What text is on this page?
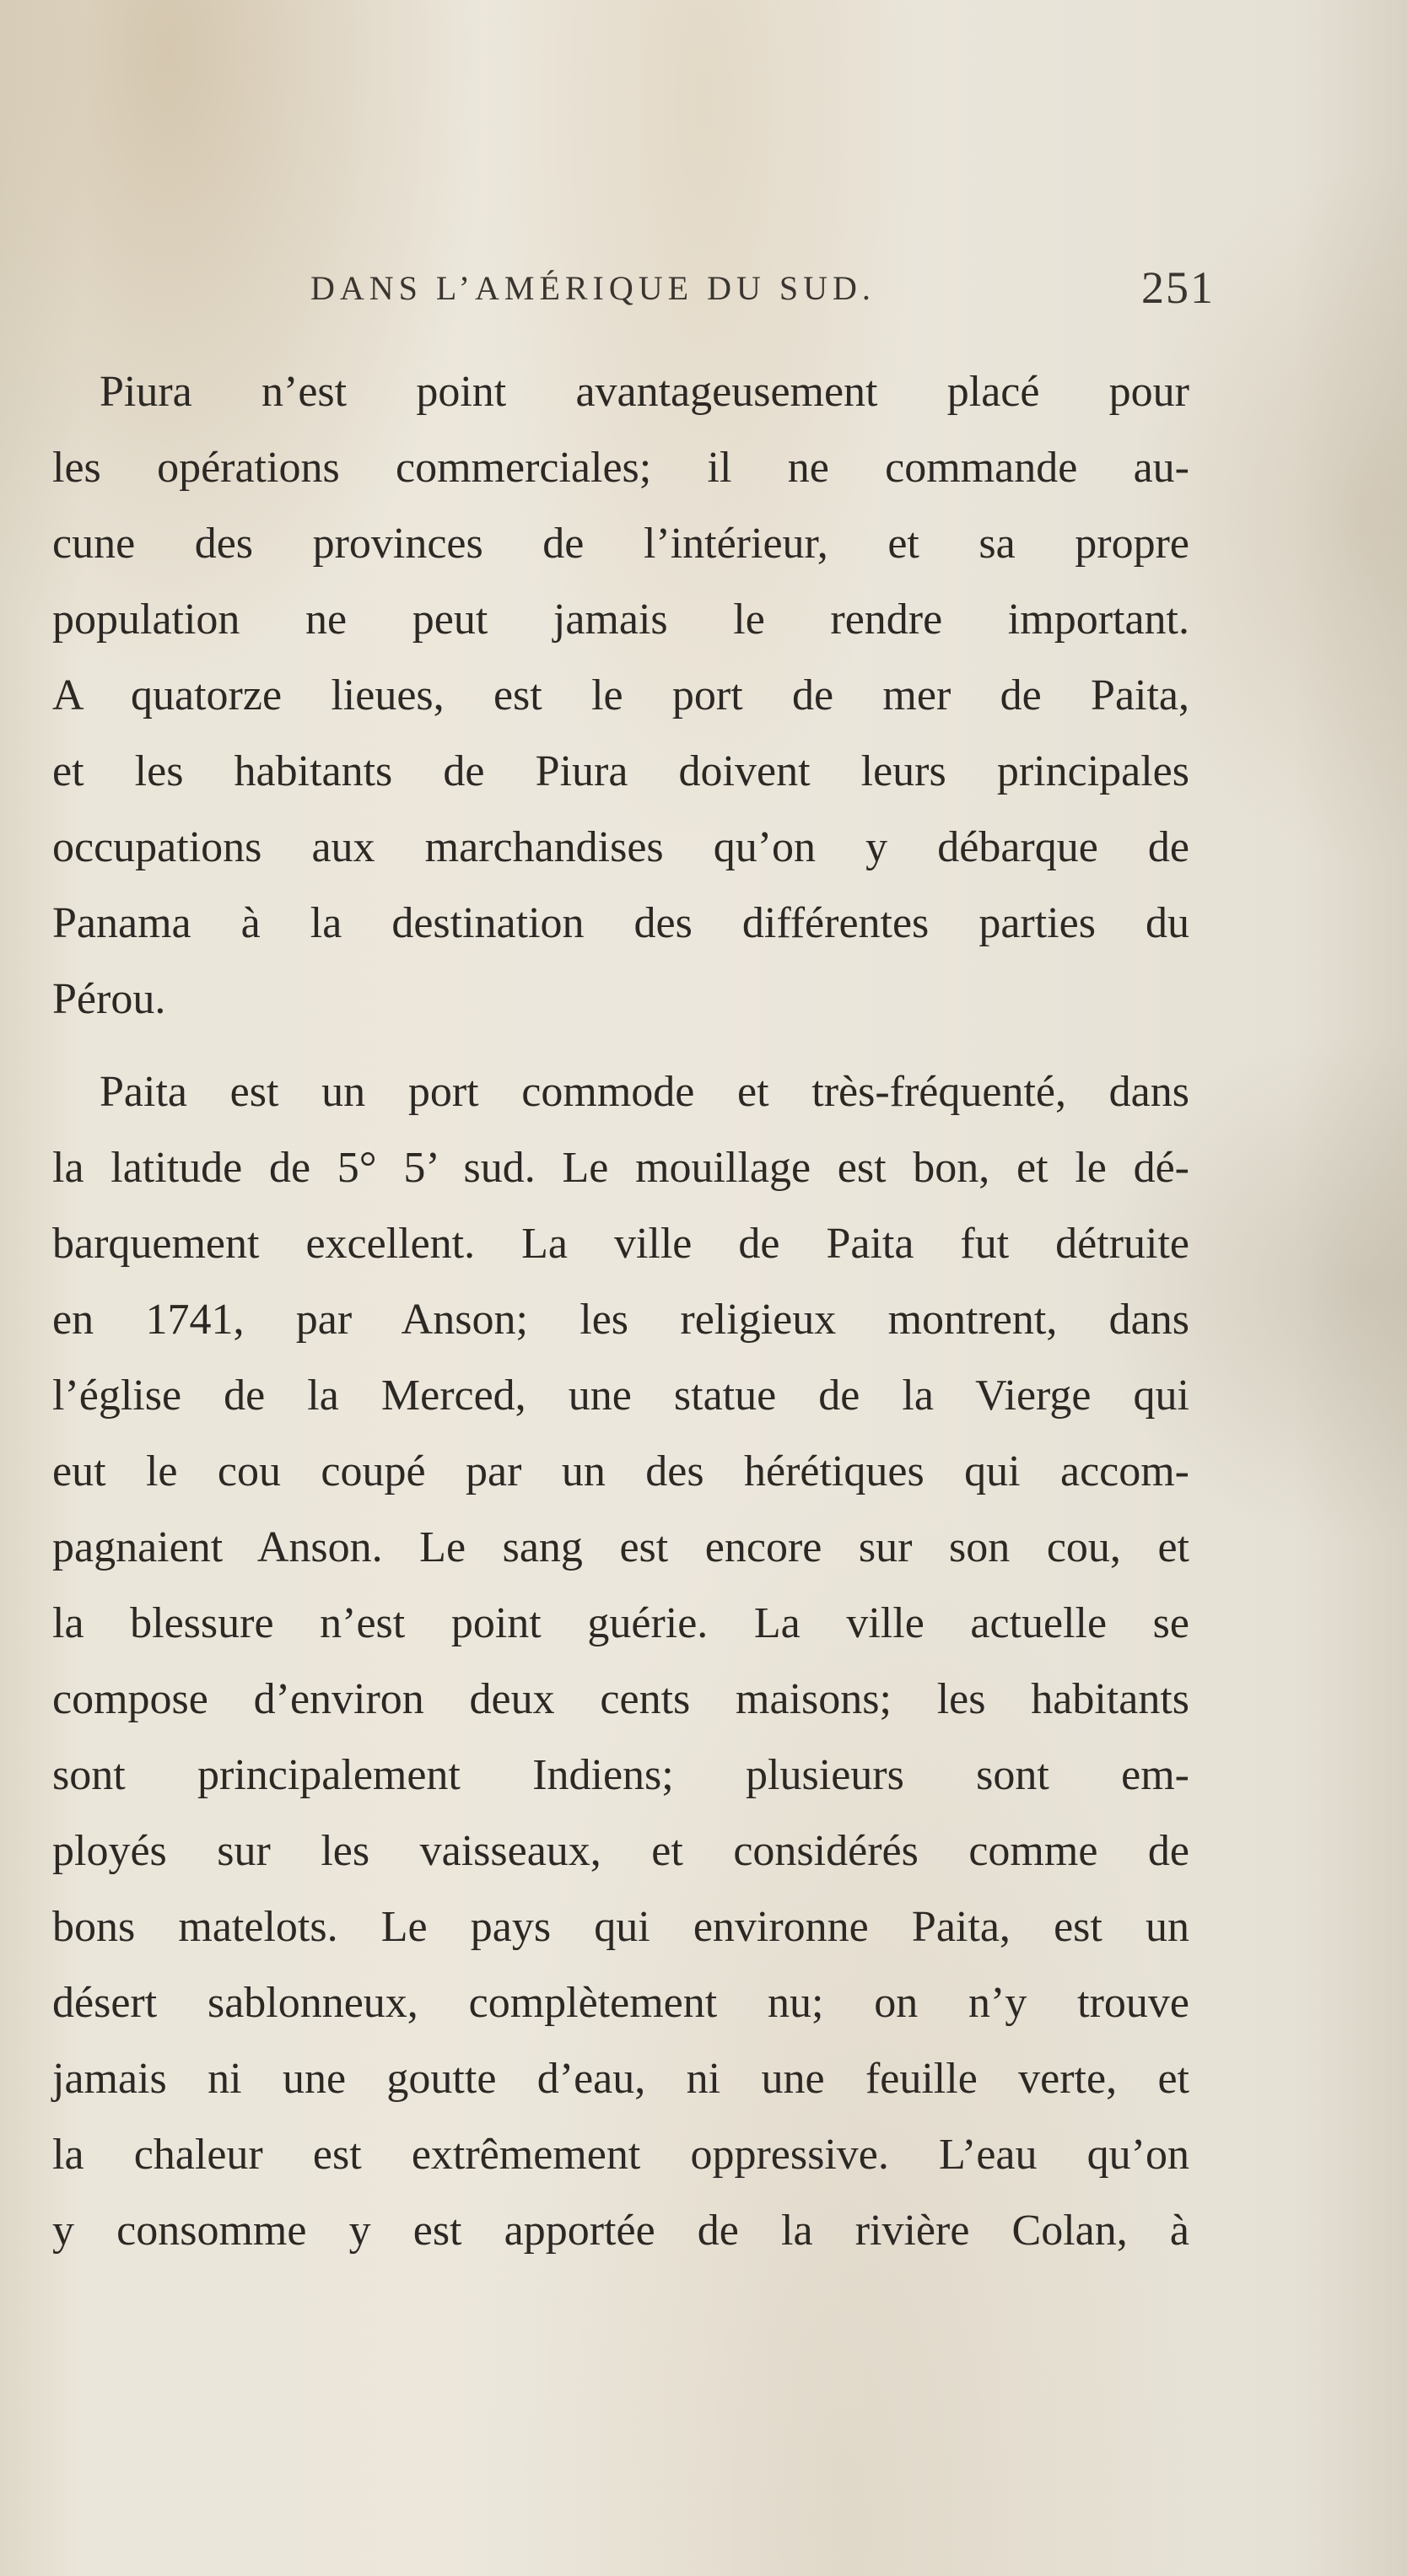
DANS L’AMÉRIQUE DU SUD.	251
Piura n’est point avantageusement placé pour
les opérations commerciales; il ne commande au-
cune des provinces de l’intérieur, et sa propre
population ne peut jamais le rendre important.
A quatorze lieues, est le port de mer de Paita,
et les habitants de Piura doivent leurs principales
occupations aux marchandises qu’on y débarque de
Panama à la destination des différentes parties du
Pérou.
Paita est un port commode et très-fréquenté, dans
la latitude de 5° 5’ sud. Le mouillage est bon, et le dé-
barquement excellent. La ville de Paita fut détruite
en 1741, par Anson; les religieux montrent, dans
l’église de la Merced, une statue de la Vierge qui
eut le cou coupé par un des hérétiques qui accom-
pagnaient Anson. Le sang est encore sur son cou, et
la blessure n’est point guérie. La ville actuelle se
compose d’environ deux cents maisons; les habitants
sont principalement Indiens; plusieurs sont em-
ployés sur les vaisseaux, et considérés comme de
bons matelots. Le pays qui environne Paita, est un
désert sablonneux, complètement nu; on n’y trouve
jamais ni une goutte d’eau, ni une feuille verte, et
la chaleur est extrêmement oppressive. L’eau qu’on
y consomme y est apportée de la rivière Colan, à
